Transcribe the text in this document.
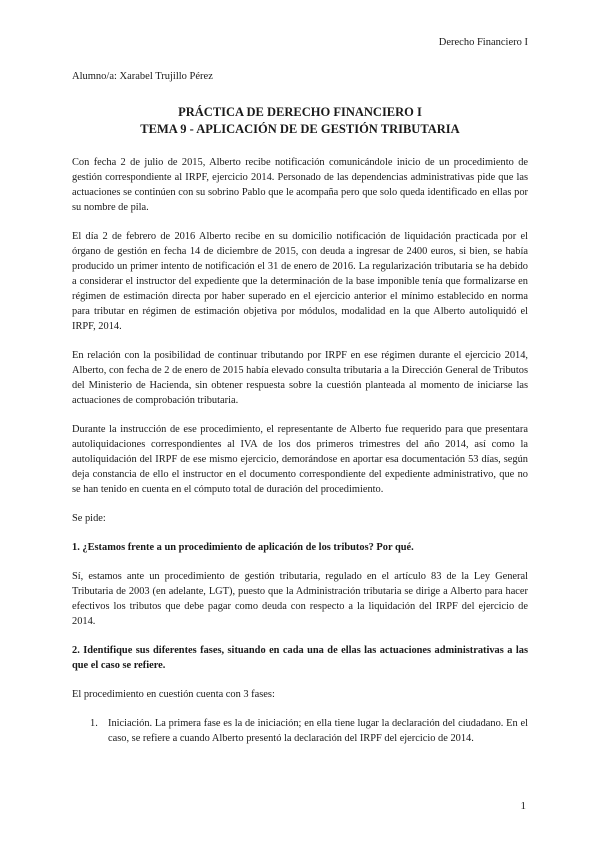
Derecho Financiero I
Alumno/a: Xarabel Trujillo Pérez
PRÁCTICA DE DERECHO FINANCIERO I
TEMA 9 - APLICACIÓN DE DE GESTIÓN TRIBUTARIA

Con fecha 2 de julio de 2015, Alberto recibe notificación comunicándole inicio de un procedimiento de gestión correspondiente al IRPF, ejercicio 2014. Personado de las dependencias administrativas pide que las actuaciones se continúen con su sobrino Pablo que le acompaña pero que solo queda identificado en ellas por su nombre de pila.

El día 2 de febrero de 2016 Alberto recibe en su domicilio notificación de liquidación practicada por el órgano de gestión en fecha 14 de diciembre de 2015, con deuda a ingresar de 2400 euros, si bien, se había producido un primer intento de notificación el 31 de enero de 2016. La regularización tributaria se ha debido a considerar el instructor del expediente que la determinación de la base imponible tenía que formalizarse en régimen de estimación directa por haber superado en el ejercicio anterior el mínimo establecido en norma para tributar en régimen de estimación objetiva por módulos, modalidad en la que Alberto autoliquidó el IRPF, 2014.

En relación con la posibilidad de continuar tributando por IRPF en ese régimen durante el ejercicio 2014, Alberto, con fecha de 2 de enero de 2015 había elevado consulta tributaria a la Dirección General de Tributos del Ministerio de Hacienda, sin obtener respuesta sobre la cuestión planteada al momento de iniciarse las actuaciones de comprobación tributaria.

Durante la instrucción de ese procedimiento, el representante de Alberto fue requerido para que presentara autoliquidaciones correspondientes al IVA de los dos primeros trimestres del año 2014, así como la autoliquidación del IRPF de ese mismo ejercicio, demorándose en aportar esa documentación 53 días, según deja constancia de ello el instructor en el documento correspondiente del expediente administrativo, que no se han tenido en cuenta en el cómputo total de duración del procedimiento.

Se pide:

1. ¿Estamos frente a un procedimiento de aplicación de los tributos? Por qué.

Sí, estamos ante un procedimiento de gestión tributaria, regulado en el artículo 83 de la Ley General Tributaria de 2003 (en adelante, LGT), puesto que la Administración tributaria se dirige a Alberto para hacer efectivos los tributos que debe pagar como deuda con respecto a la liquidación del IRPF del ejercicio de 2014.

2. Identifique sus diferentes fases, situando en cada una de ellas las actuaciones administrativas a las que el caso se refiere.

El procedimiento en cuestión cuenta con 3 fases:

1. Iniciación. La primera fase es la de iniciación; en ella tiene lugar la declaración del ciudadano. En el caso, se refiere a cuando Alberto presentó la declaración del IRPF del ejercicio de 2014.
1
